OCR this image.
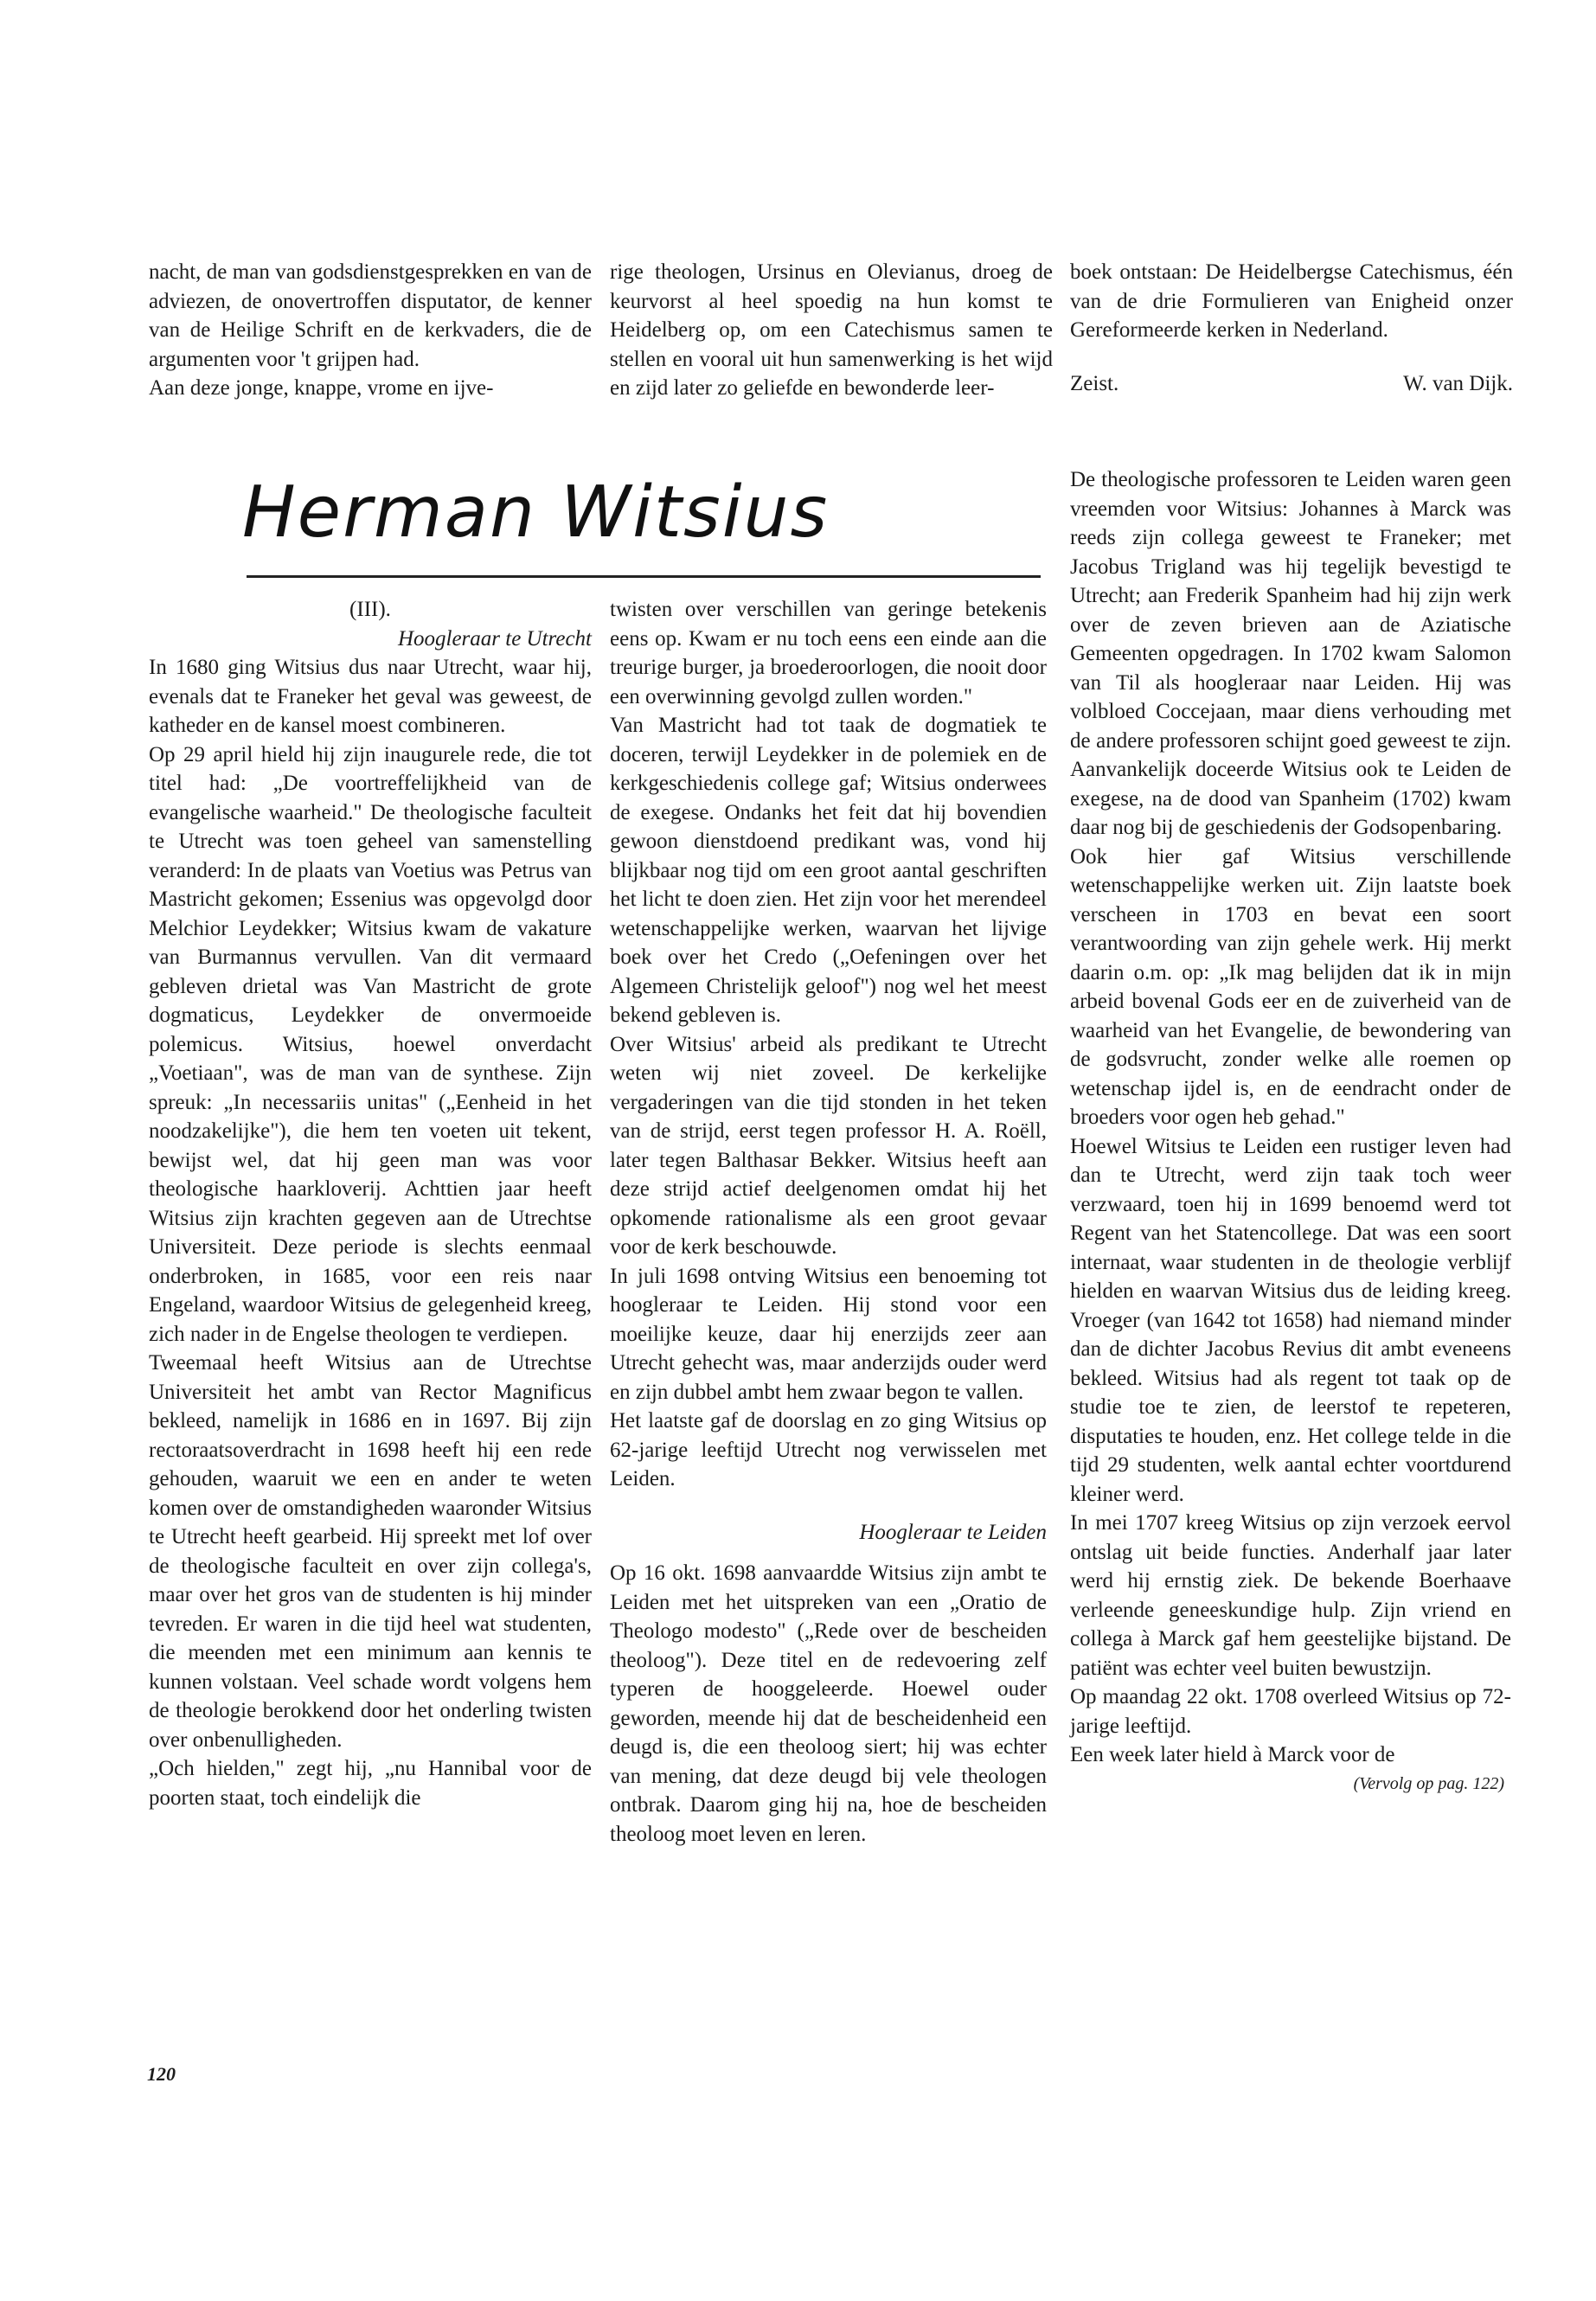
nacht, de man van godsdienstgesprekken en van de adviezen, de onovertroffen disputator, de kenner van de Heilige Schrift en de kerkvaders, die de argumenten voor 't grijpen had.

Aan deze jonge, knappe, vrome en ijve-

rige theologen, Ursinus en Olevianus, droeg de keurvorst al heel spoedig na hun komst te Heidelberg op, om een Catechismus samen te stellen en vooral uit hun samenwerking is het wijd en zijd later zo geliefde en bewonderde leer-

boek ontstaan: De Heidelbergse Catechismus, één van de drie Formulieren van Enigheid onzer Gereformeerde kerken in Nederland.

Zeist.	W. van Dijk.
Herman Witsius

(III).

Hoogleraar te Utrecht

In 1680 ging Witsius dus naar Utrecht, waar hij, evenals dat te Franeker het geval was geweest, de katheder en de kansel moest combineren.

Op 29 april hield hij zijn inaugurele rede, die tot titel had: „De voortreffelijkheid van de evangelische waarheid." De theologische faculteit te Utrecht was toen geheel van samenstelling veranderd: In de plaats van Voetius was Petrus van Mastricht gekomen; Essenius was opgevolgd door Melchior Leydekker; Witsius kwam de vakature van Burmannus vervullen. Van dit vermaard gebleven drietal was Van Mastricht de grote dogmaticus, Leydekker de onvermoeide polemicus. Witsius, hoewel onverdacht „Voetiaan", was de man van de synthese. Zijn spreuk: „In necessariis unitas" („Eenheid in het noodzakelijke"), die hem ten voeten uit tekent, bewijst wel, dat hij geen man was voor theologische haarkloverij. Achttien jaar heeft Witsius zijn krachten gegeven aan de Utrechtse Universiteit. Deze periode is slechts eenmaal onderbroken, in 1685, voor een reis naar Engeland, waardoor Witsius de gelegenheid kreeg, zich nader in de Engelse theologen te verdiepen.

Tweemaal heeft Witsius aan de Utrechtse Universiteit het ambt van Rector Magnificus bekleed, namelijk in 1686 en in 1697. Bij zijn rectoraatsoverdracht in 1698 heeft hij een rede gehouden, waaruit we een en ander te weten komen over de omstandigheden waaronder Witsius te Utrecht heeft gearbeid. Hij spreekt met lof over de theologische faculteit en over zijn collega's, maar over het gros van de studenten is hij minder tevreden. Er waren in die tijd heel wat studenten, die meenden met een minimum aan kennis te kunnen volstaan. Veel schade wordt volgens hem de theologie berokkend door het onderling twisten over onbenulligheden.

„Och hielden," zegt hij, „nu Hannibal voor de poorten staat, toch eindelijk die

twisten over verschillen van geringe betekenis eens op. Kwam er nu toch eens een einde aan die treurige burger, ja broederoorlogen, die nooit door een overwinning gevolgd zullen worden."

Van Mastricht had tot taak de dogmatiek te doceren, terwijl Leydekker in de polemiek en de kerkgeschiedenis college gaf; Witsius onderwees de exegese. Ondanks het feit dat hij bovendien gewoon dienstdoend predikant was, vond hij blijkbaar nog tijd om een groot aantal geschriften het licht te doen zien. Het zijn voor het merendeel wetenschappelijke werken, waarvan het lijvige boek over het Credo („Oefeningen over het Algemeen Christelijk geloof") nog wel het meest bekend gebleven is.

Over Witsius' arbeid als predikant te Utrecht weten wij niet zoveel. De kerkelijke vergaderingen van die tijd stonden in het teken van de strijd, eerst tegen professor H. A. Roëll, later tegen Balthasar Bekker. Witsius heeft aan deze strijd actief deelgenomen omdat hij het opkomende rationalisme als een groot gevaar voor de kerk beschouwde.

In juli 1698 ontving Witsius een benoeming tot hoogleraar te Leiden. Hij stond voor een moeilijke keuze, daar hij enerzijds zeer aan Utrecht gehecht was, maar anderzijds ouder werd en zijn dubbel ambt hem zwaar begon te vallen.

Het laatste gaf de doorslag en zo ging Witsius op 62-jarige leeftijd Utrecht nog verwisselen met Leiden.

Hoogleraar te Leiden

Op 16 okt. 1698 aanvaardde Witsius zijn ambt te Leiden met het uitspreken van een „Oratio de Theologo modesto" („Rede over de bescheiden theoloog"). Deze titel en de redevoering zelf typeren de hooggeleerde. Hoewel ouder geworden, meende hij dat de bescheidenheid een deugd is, die een theoloog siert; hij was echter van mening, dat deze deugd bij vele theologen ontbrak. Daarom ging hij na, hoe de bescheiden theoloog moet leven en leren.

De theologische professoren te Leiden waren geen vreemden voor Witsius: Johannes à Marck was reeds zijn collega geweest te Franeker; met Jacobus Trigland was hij tegelijk bevestigd te Utrecht; aan Frederik Spanheim had hij zijn werk over de zeven brieven aan de Aziatische Gemeenten opgedragen. In 1702 kwam Salomon van Til als hoogleraar naar Leiden. Hij was volbloed Coccejaan, maar diens verhouding met de andere professoren schijnt goed geweest te zijn. Aanvankelijk doceerde Witsius ook te Leiden de exegese, na de dood van Spanheim (1702) kwam daar nog bij de geschiedenis der Godsopenbaring.

Ook hier gaf Witsius verschillende wetenschappelijke werken uit. Zijn laatste boek verscheen in 1703 en bevat een soort verantwoording van zijn gehele werk. Hij merkt daarin o.m. op: „Ik mag belijden dat ik in mijn arbeid bovenal Gods eer en de zuiverheid van de waarheid van het Evangelie, de bewondering van de godsvrucht, zonder welke alle roemen op wetenschap ijdel is, en de eendracht onder de broeders voor ogen heb gehad."

Hoewel Witsius te Leiden een rustiger leven had dan te Utrecht, werd zijn taak toch weer verzwaard, toen hij in 1699 benoemd werd tot Regent van het Statencollege. Dat was een soort internaat, waar studenten in de theologie verblijf hielden en waarvan Witsius dus de leiding kreeg. Vroeger (van 1642 tot 1658) had niemand minder dan de dichter Jacobus Revius dit ambt eveneens bekleed. Witsius had als regent tot taak op de studie toe te zien, de leerstof te repeteren, disputaties te houden, enz. Het college telde in die tijd 29 studenten, welk aantal echter voortdurend kleiner werd.

In mei 1707 kreeg Witsius op zijn verzoek eervol ontslag uit beide functies. Anderhalf jaar later werd hij ernstig ziek. De bekende Boerhaave verleende geneeskundige hulp. Zijn vriend en collega à Marck gaf hem geestelijke bijstand. De patiënt was echter veel buiten bewustzijn.

Op maandag 22 okt. 1708 overleed Witsius op 72-jarige leeftijd.

Een week later hield à Marck voor de

(Vervolg op pag. 122)

120
